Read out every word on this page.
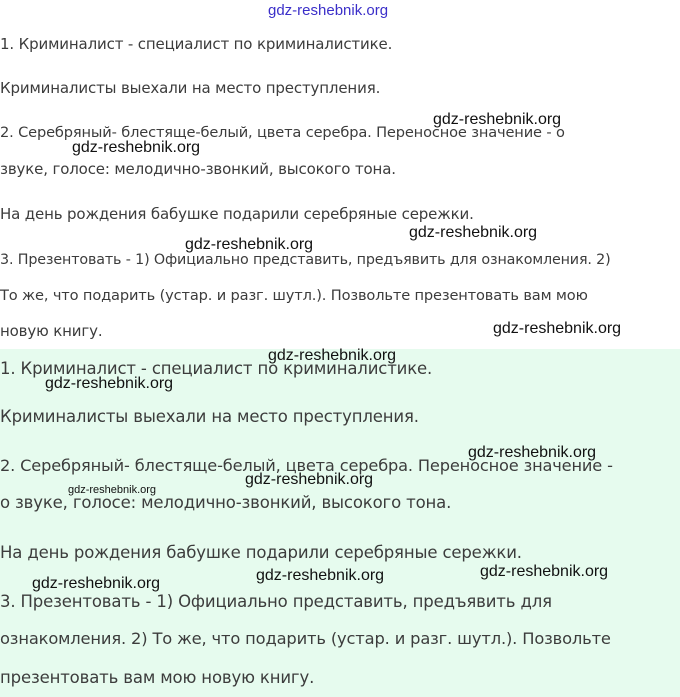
1. Криминалист - специалист по криминалистике.

Криминалисты выехали на место преступления.

2. Серебряный- блестяще-белый, цвета серебра. Переносное значение - о

звуке, голосе: мелодично-звонкий, высокого тона.

На день рождения бабушке подарили серебряные сережки.

3. Презентовать - 1) Официально представить, предъявить для ознакомления. 2)

То же, что подарить (устар. и разг. шутл.). Позвольте презентовать вам мою

новую книгу.

1. Криминалист - специалист по криминалистике.

Криминалисты выехали на место преступления.

2. Серебряный- блестяще-белый, цвета серебра. Переносное значение -

о звуке, голосе: мелодично-звонкий, высокого тона.

На день рождения бабушке подарили серебряные сережки.

3. Презентовать - 1) Официально представить, предъявить для

ознакомления. 2) То же, что подарить (устар. и разг. шутл.). Позвольте

презентовать вам мою новую книгу.

gdz-reshebnik.org
gdz-reshebnik.org
gdz-reshebnik.org
gdz-reshebnik.org
gdz-reshebnik.org
gdz-reshebnik.org
gdz-reshebnik.org
gdz-reshebnik.org
gdz-reshebnik.org
gdz-reshebnik.org
gdz-reshebnik.org
gdz-reshebnik.org	gdz-reshebnik.org
gdz-reshebnik.org
